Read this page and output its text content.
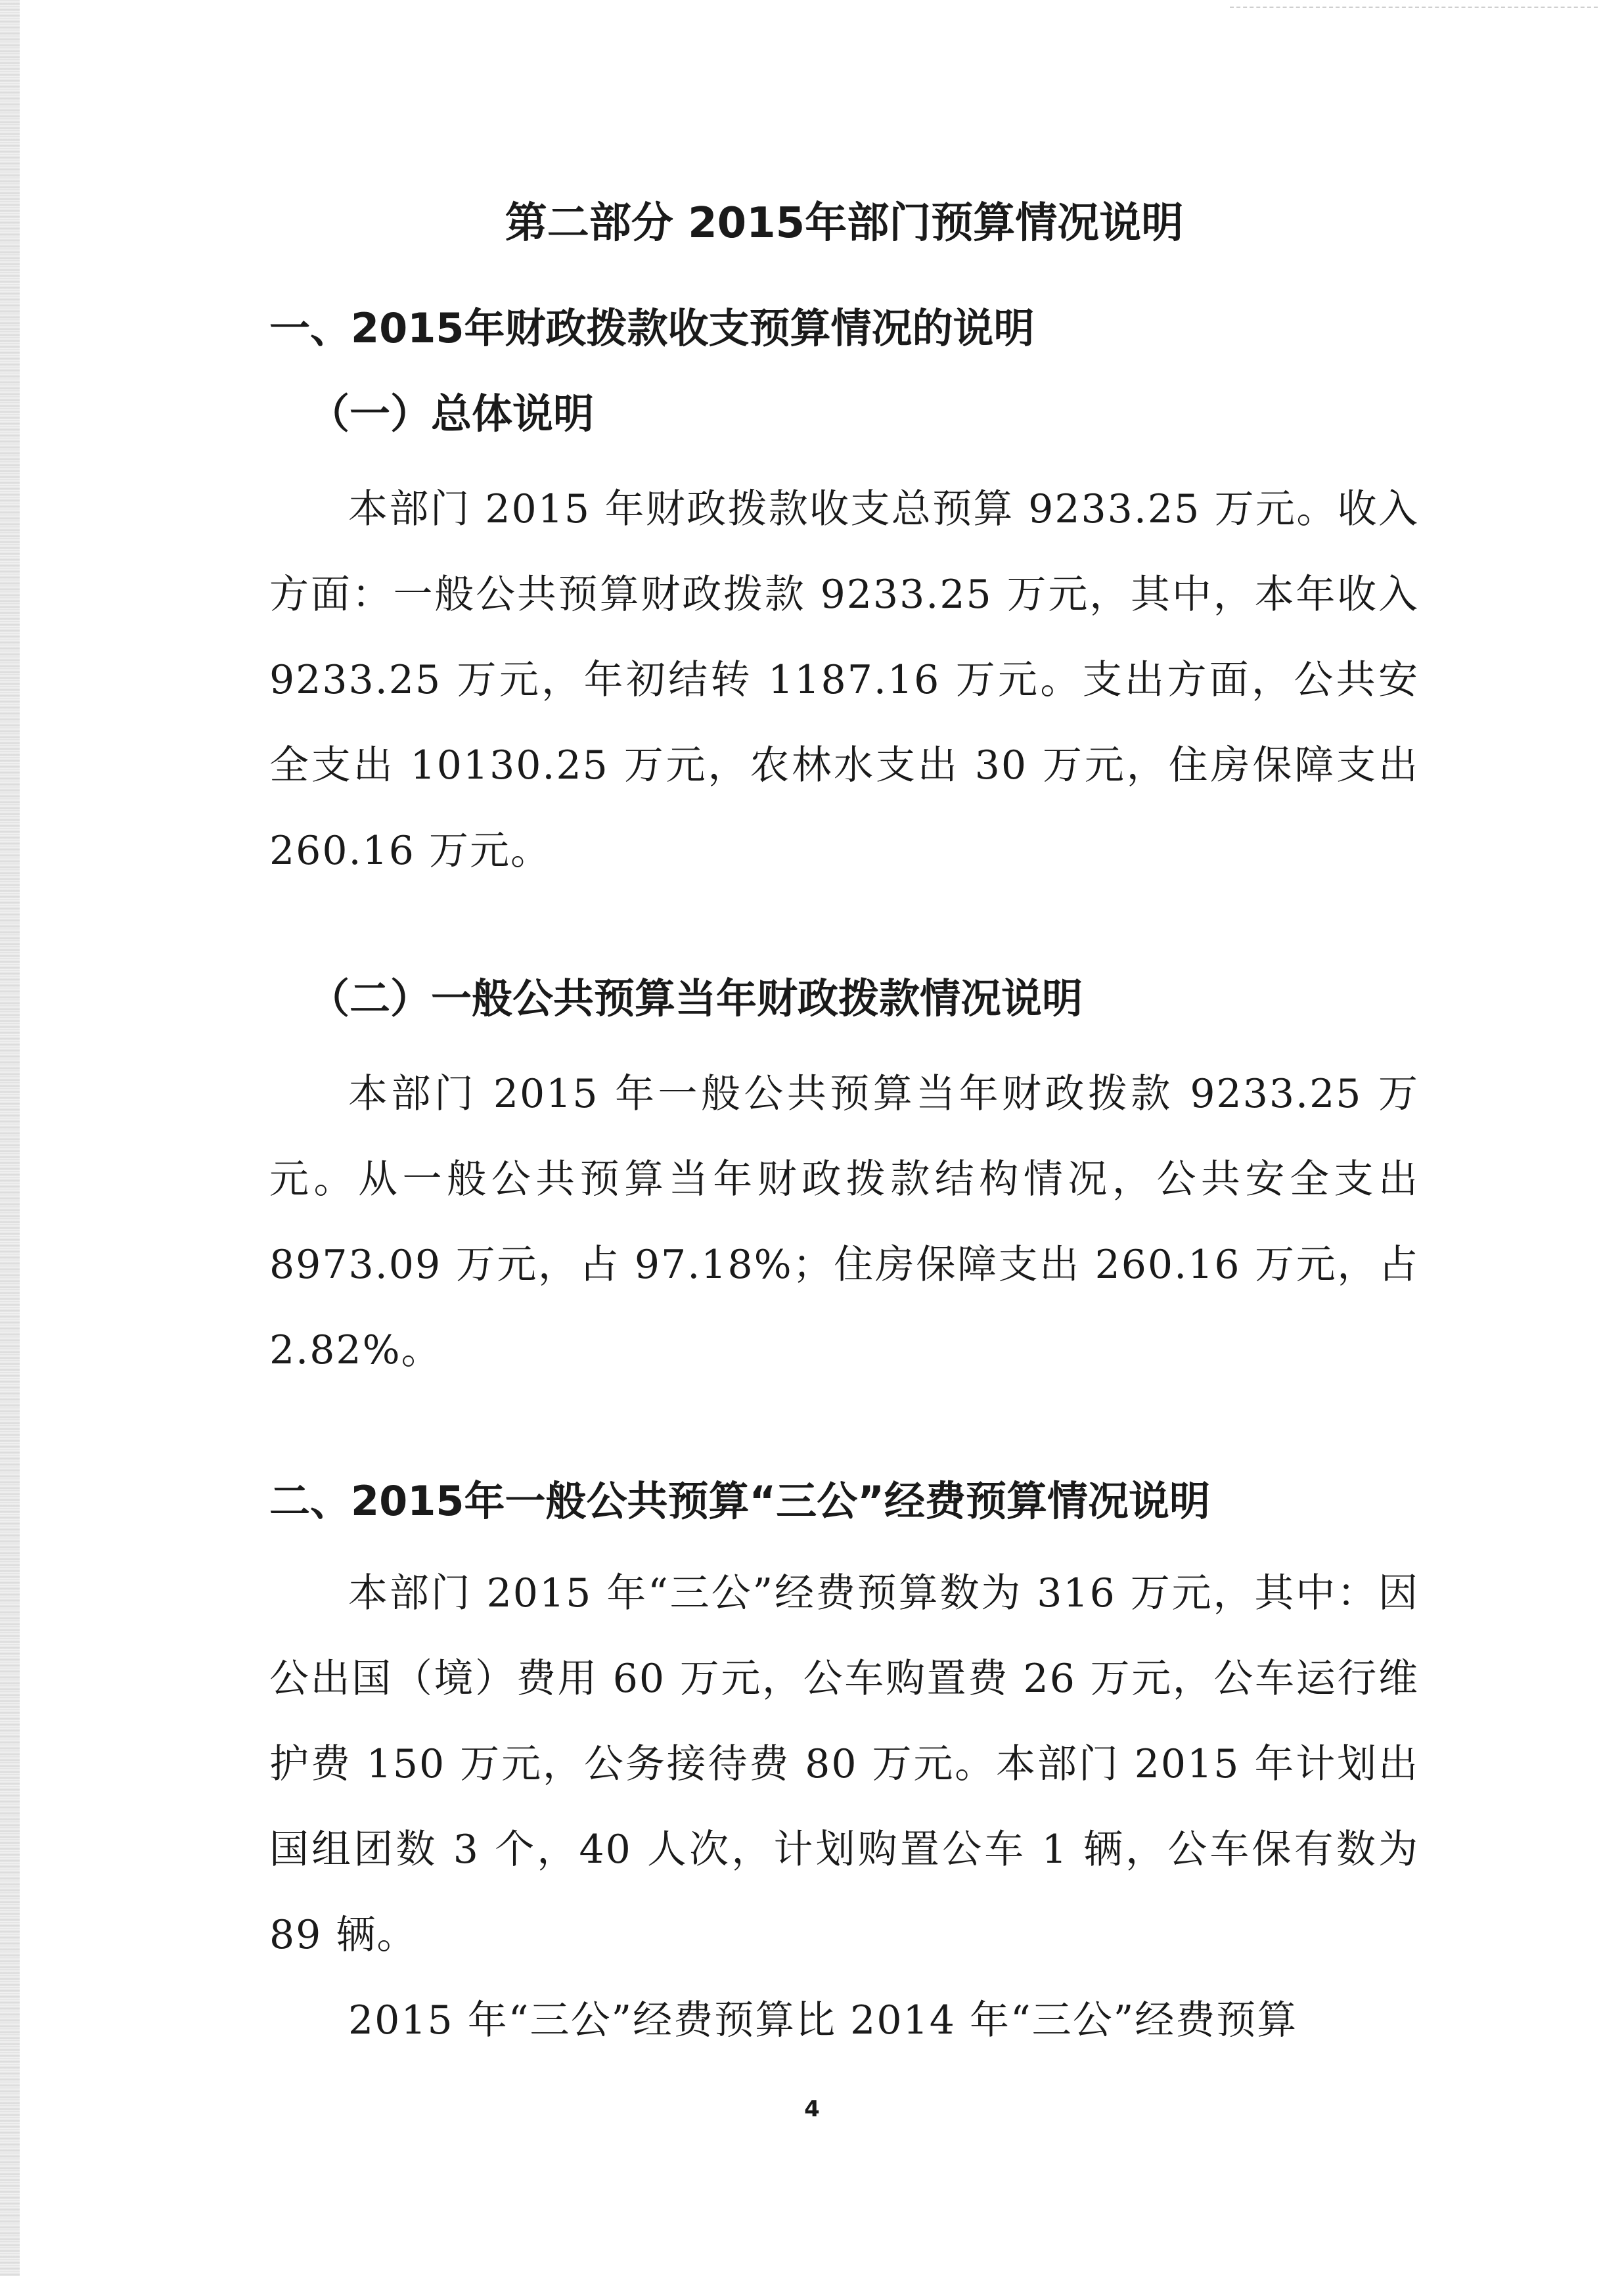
第二部分 2015年部门预算情况说明
一、2015年财政拨款收支预算情况的说明
（一）总体说明
本部门 2015 年财政拨款收支总预算 9233.25 万元。收入方面：一般公共预算财政拨款 9233.25 万元，其中，本年收入 9233.25 万元，年初结转 1187.16 万元。支出方面，公共安全支出 10130.25 万元，农林水支出 30 万元，住房保障支出 260.16 万元。
（二）一般公共预算当年财政拨款情况说明
本部门 2015 年一般公共预算当年财政拨款 9233.25 万元。从一般公共预算当年财政拨款结构情况，公共安全支出 8973.09 万元，占 97.18%；住房保障支出 260.16 万元，占 2.82%。
二、2015年一般公共预算“三公”经费预算情况说明
本部门 2015 年“三公”经费预算数为 316 万元，其中：因公出国（境）费用 60 万元，公车购置费 26 万元，公车运行维护费 150 万元，公务接待费 80 万元。本部门 2015 年计划出国组团数 3 个，40 人次，计划购置公车 1 辆，公车保有数为 89 辆。
2015 年“三公”经费预算比 2014 年“三公”经费预算
4
